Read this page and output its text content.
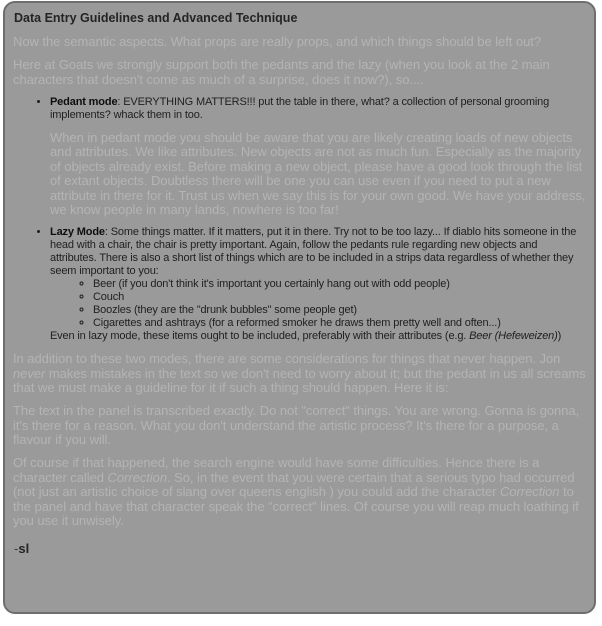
Data Entry Guidelines and Advanced Technique

Now the semantic aspects. What props are really props, and which things should be left out?

Here at Goats we strongly support both the pedants and the lazy (when you look at the 2 main characters that doesn't come as much of a surprise, does it now?), so....

• Pedant mode: EVERYTHING MATTERS!!! put the table in there, what? a collection of personal grooming implements? whack them in too.

When in pedant mode you should be aware that you are likely creating loads of new objects and attributes. We like attributes. New objects are not as much fun. Especially as the majority of objects already exist. Before making a new object, please have a good look through the list of extant objects. Doubtless there will be one you can use even if you need to put a new attribute in there for it. Trust us when we say this is for your own good. We have your address, we know people in many lands, nowhere is too far!

• Lazy Mode: Some things matter. If it matters, put it in there. Try not to be too lazy... If diablo hits someone in the head with a chair, the chair is pretty important. Again, follow the pedants rule regarding new objects and attributes. There is also a short list of things which are to be included in a strips data regardless of whether they seem important to you:
◦ Beer (if you don't think it's important you certainly hang out with odd people)
◦ Couch
◦ Boozles (they are the "drunk bubbles" some people get)
◦ Cigarettes and ashtrays (for a reformed smoker he draws them pretty well and often...)
Even in lazy mode, these items ought to be included, preferably with their attributes (e.g. Beer (Hefeweizen))

In addition to these two modes, there are some considerations for things that never happen. Jon never makes mistakes in the text so we don't need to worry about it; but the pedant in us all screams that we must make a guideline for it if such a thing should happen. Here it is:

The text in the panel is transcribed exactly. Do not "correct" things. You are wrong. Gonna is gonna, it's there for a reason. What you don't understand the artistic process? It's there for a purpose, a flavour if you will.

Of course if that happened, the search engine would have some difficulties. Hence there is a character called Correction. So, in the event that you were certain that a serious typo had occurred (not just an artistic choice of slang over queens english ) you could add the character Correction to the panel and have that character speak the "correct" lines. Of course you will reap much loathing if you use it unwisely.

-sl
